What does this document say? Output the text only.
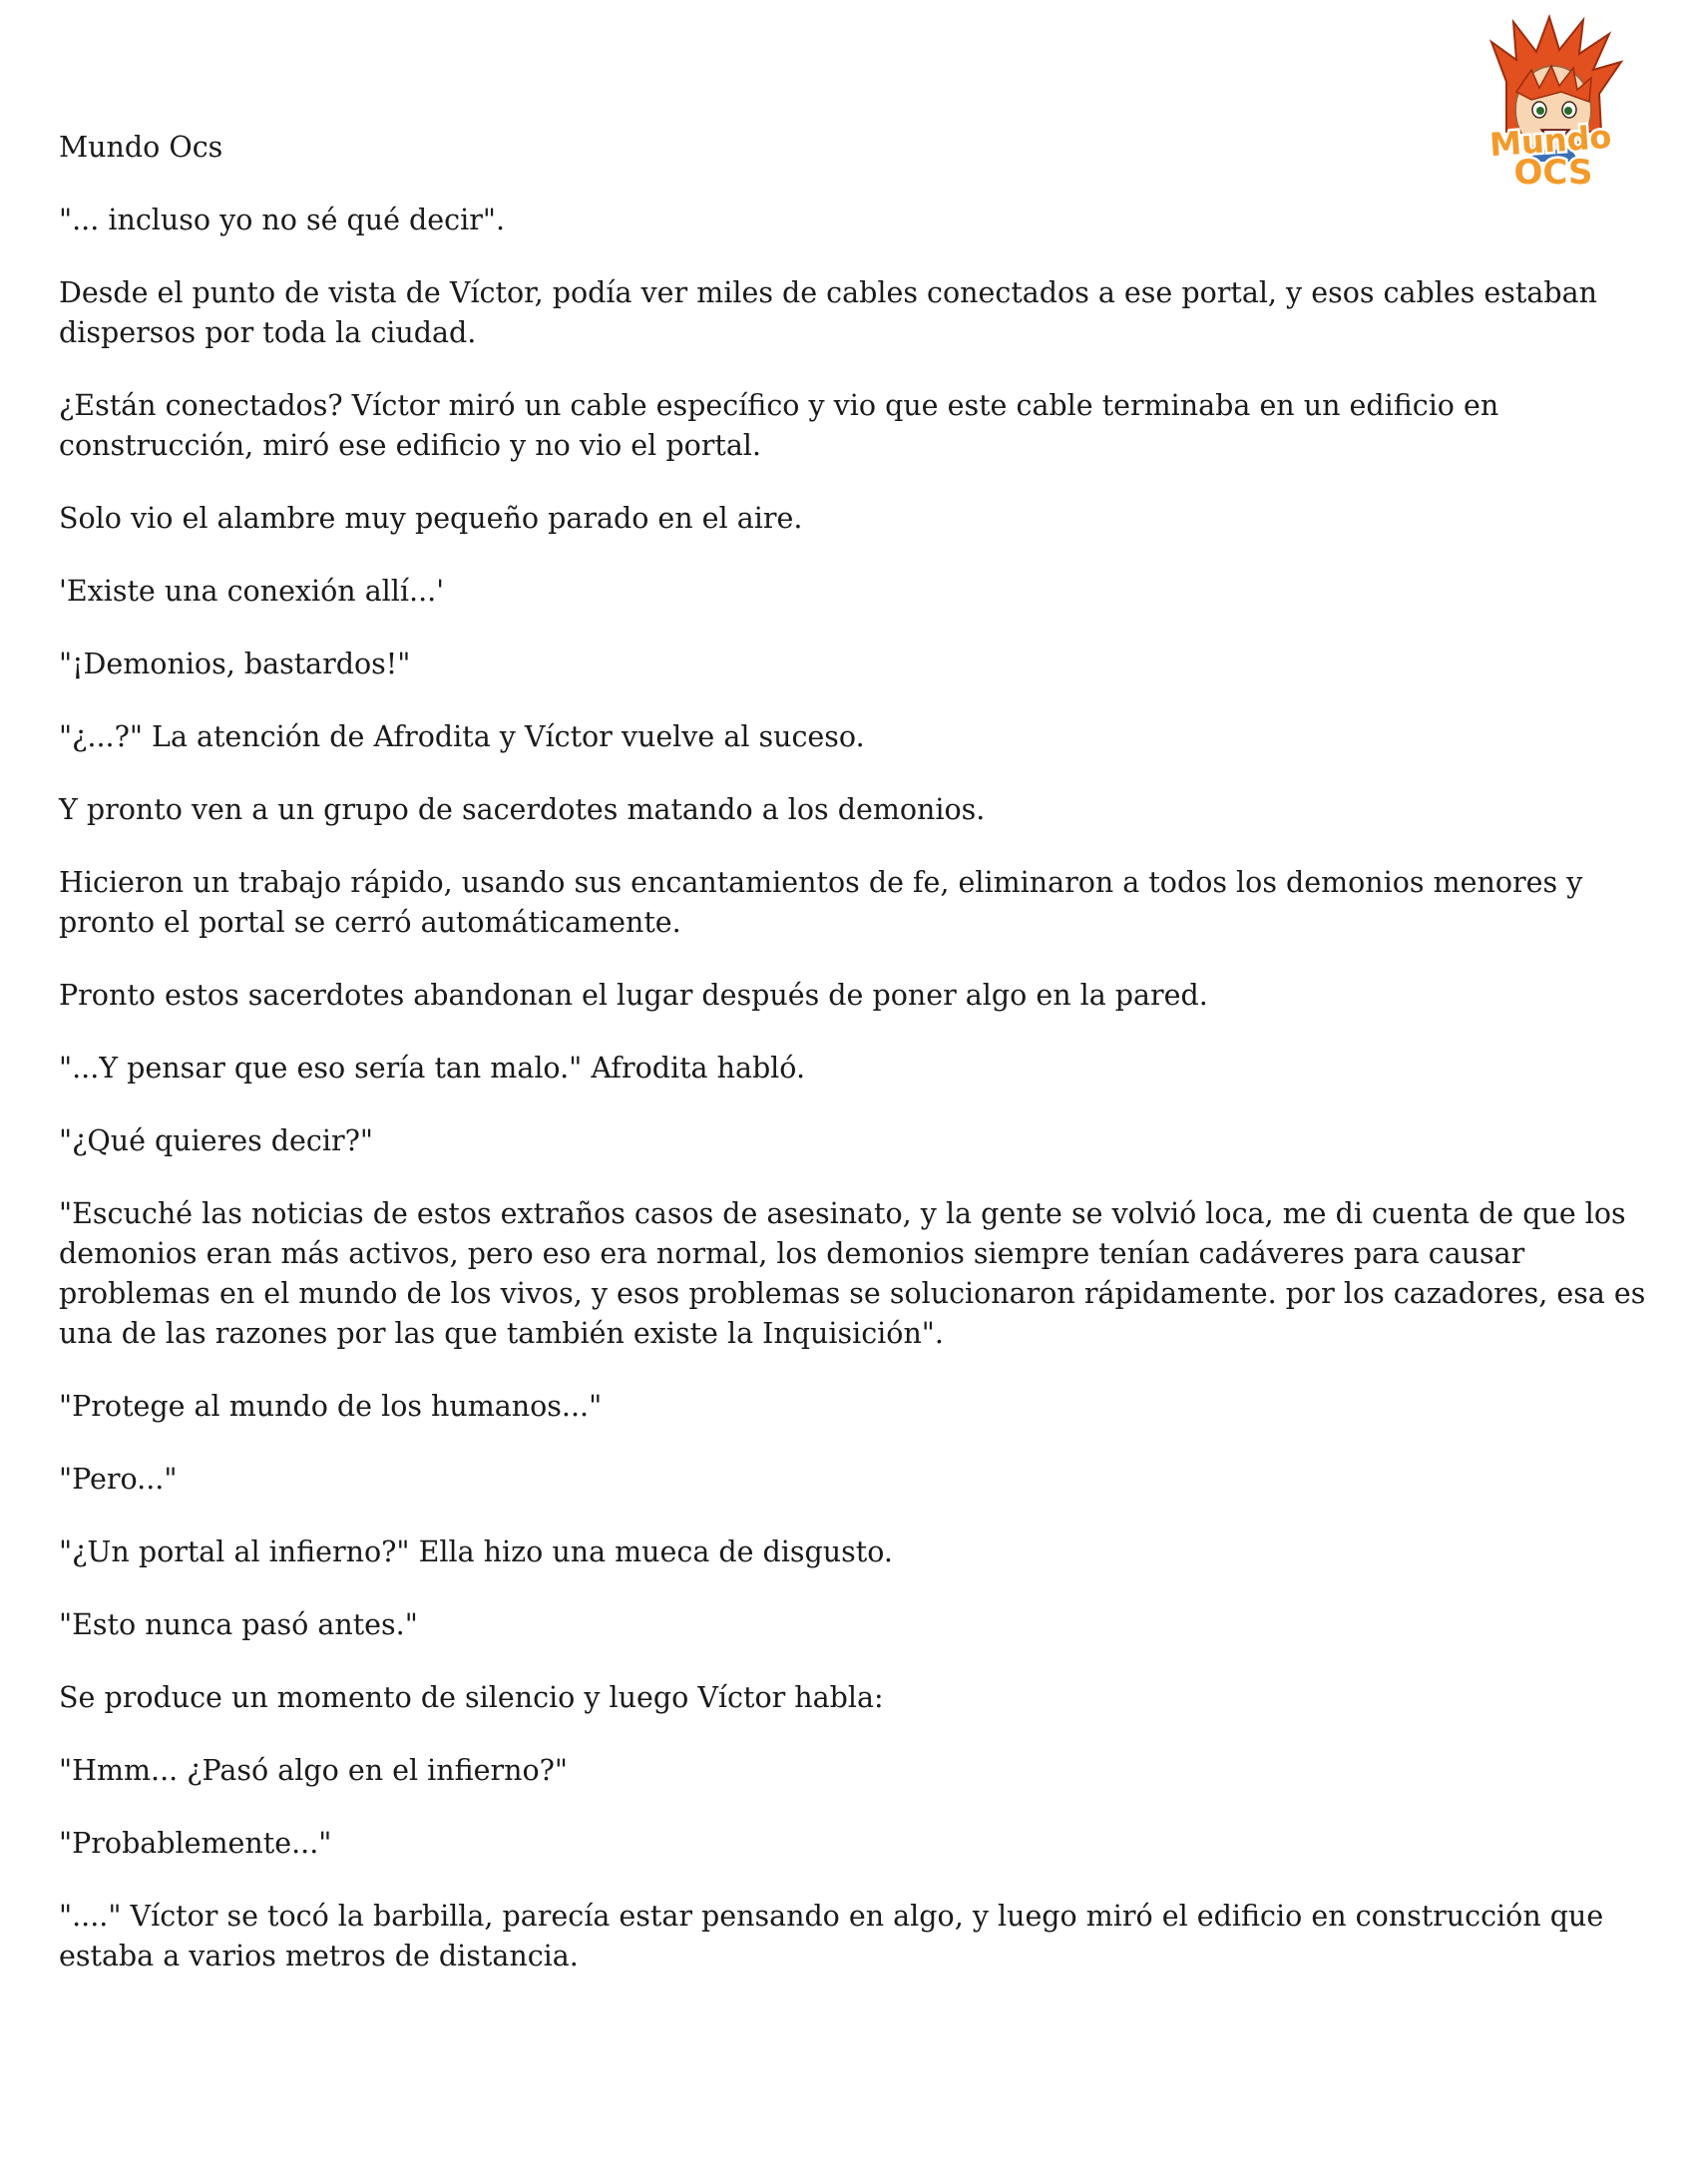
Mundo
OCS

Mundo Ocs

"... incluso yo no sé qué decir".

Desde el punto de vista de Víctor, podía ver miles de cables conectados a ese portal, y esos cables estaban dispersos por toda la ciudad.

¿Están conectados? Víctor miró un cable específico y vio que este cable terminaba en un edificio en construcción, miró ese edificio y no vio el portal.

Solo vio el alambre muy pequeño parado en el aire.

'Existe una conexión allí...'

"¡Demonios, bastardos!"

"¿...?" La atención de Afrodita y Víctor vuelve al suceso.

Y pronto ven a un grupo de sacerdotes matando a los demonios.

Hicieron un trabajo rápido, usando sus encantamientos de fe, eliminaron a todos los demonios menores y pronto el portal se cerró automáticamente.

Pronto estos sacerdotes abandonan el lugar después de poner algo en la pared.

"...Y pensar que eso sería tan malo." Afrodita habló.

"¿Qué quieres decir?"

"Escuché las noticias de estos extraños casos de asesinato, y la gente se volvió loca, me di cuenta de que los demonios eran más activos, pero eso era normal, los demonios siempre tenían cadáveres para causar problemas en el mundo de los vivos, y esos problemas se solucionaron rápidamente. por los cazadores, esa es una de las razones por las que también existe la Inquisición".

"Protege al mundo de los humanos..."

"Pero..."

"¿Un portal al infierno?" Ella hizo una mueca de disgusto.

"Esto nunca pasó antes."

Se produce un momento de silencio y luego Víctor habla:

"Hmm... ¿Pasó algo en el infierno?"

"Probablemente..."

"...." Víctor se tocó la barbilla, parecía estar pensando en algo, y luego miró el edificio en construcción que estaba a varios metros de distancia.
